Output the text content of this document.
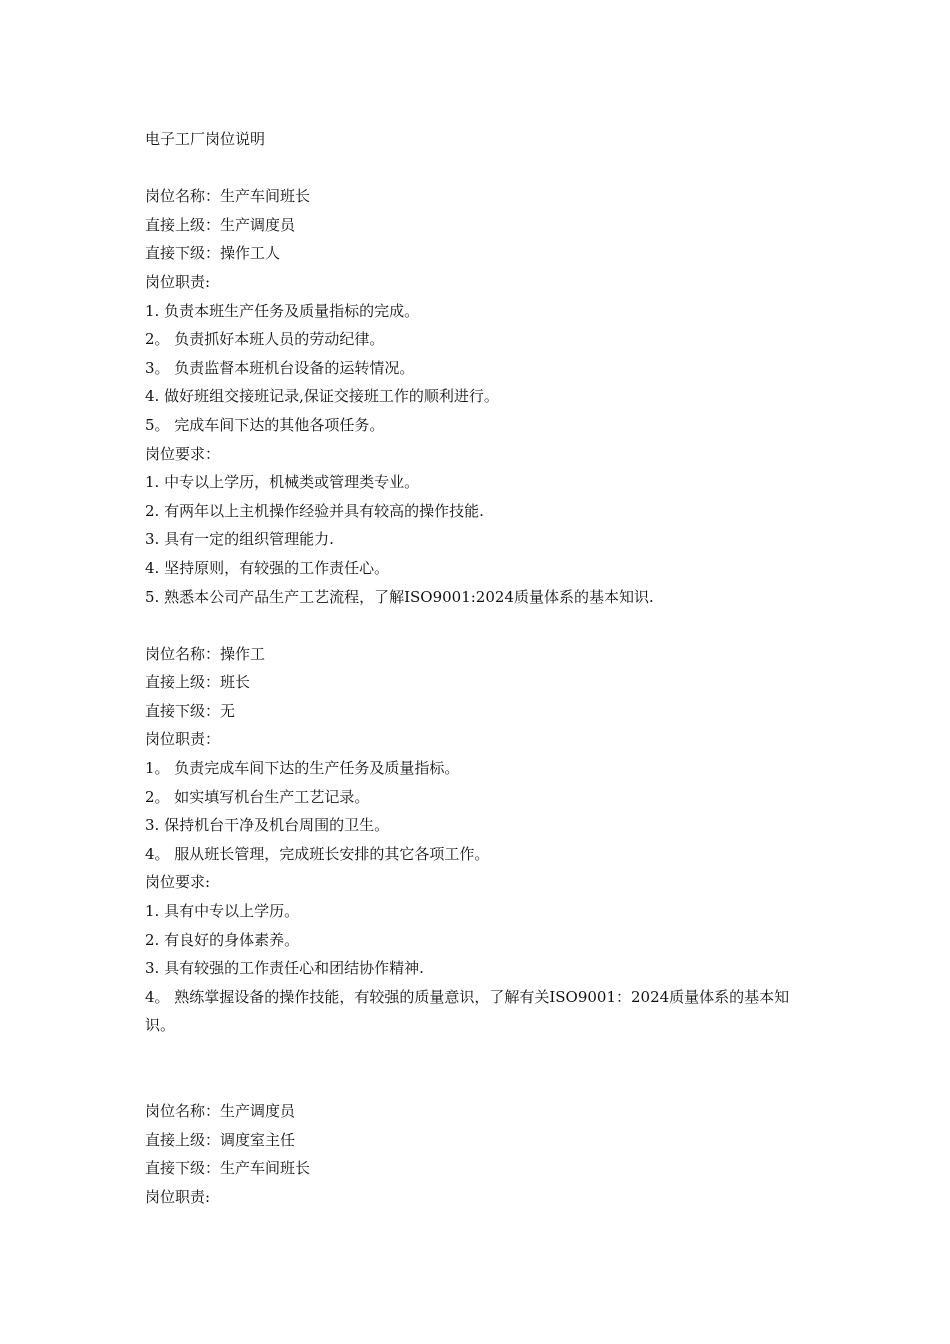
电子工厂岗位说明
岗位名称：生产车间班长
直接上级：生产调度员
直接下级：操作工人
岗位职责:
1. 负责本班生产任务及质量指标的完成。
2。 负责抓好本班人员的劳动纪律。
3。 负责监督本班机台设备的运转情况。
4. 做好班组交接班记录,保证交接班工作的顺利进行。
5。 完成车间下达的其他各项任务。
岗位要求：
1. 中专以上学历，机械类或管理类专业。
2. 有两年以上主机操作经验并具有较高的操作技能.
3. 具有一定的组织管理能力.
4. 坚持原则，有较强的工作责任心。
5. 熟悉本公司产品生产工艺流程，了解ISO9001:2024质量体系的基本知识.
岗位名称：操作工
直接上级：班长
直接下级：无
岗位职责：
1。 负责完成车间下达的生产任务及质量指标。
2。 如实填写机台生产工艺记录。
3. 保持机台干净及机台周围的卫生。
4。 服从班长管理，完成班长安排的其它各项工作。
岗位要求:
1. 具有中专以上学历。
2. 有良好的身体素养。
3. 具有较强的工作责任心和团结协作精神.
4。 熟练掌握设备的操作技能，有较强的质量意识，了解有关ISO9001：2024质量体系的基本知识。
岗位名称：生产调度员
直接上级：调度室主任
直接下级：生产车间班长
岗位职责:
